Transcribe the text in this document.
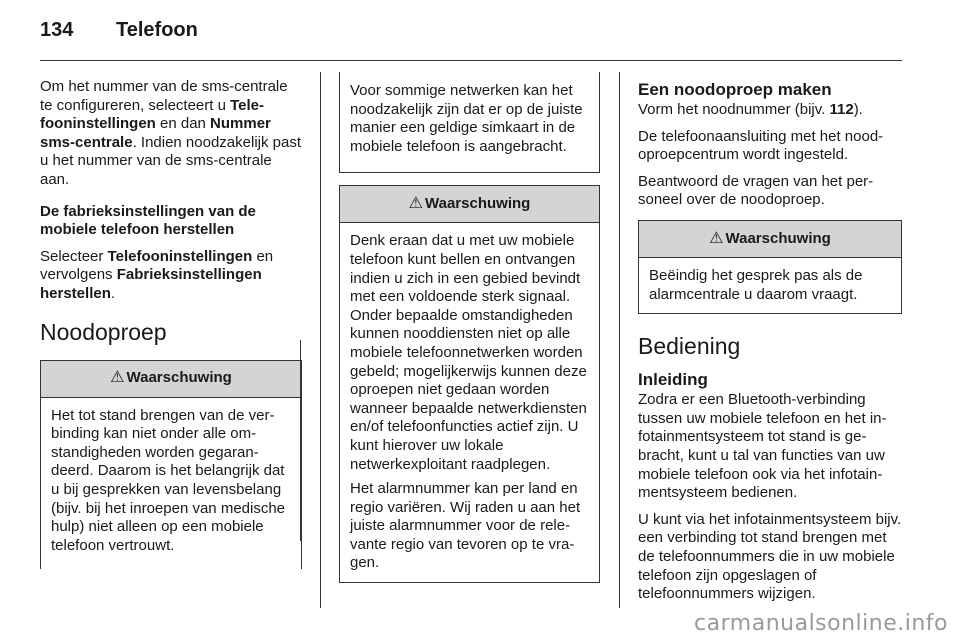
134 Telefoon

Om het nummer van de sms-centrale te configureren, selecteert u Telefooninstellingen en dan Nummer sms-centrale. Indien noodzakelijk past u het nummer van de sms-centrale aan.

De fabrieksinstellingen van de mobiele telefoon herstellen

Selecteer Telefooninstellingen en vervolgens Fabrieksinstellingen herstellen.

Noodoproep
⚠ Waarschuwing

Het tot stand brengen van de verbinding kan niet onder alle omstandigheden worden gegarandeerd. Daarom is het belangrijk dat u bij gesprekken van levensbelang (bijv. bij het inroepen van medische hulp) niet alleen op een mobiele telefoon vertrouwt.

Voor sommige netwerken kan het noodzakelijk zijn dat er op de juiste manier een geldige simkaart in de mobiele telefoon is aangebracht.

⚠ Waarschuwing

Denk eraan dat u met uw mobiele telefoon kunt bellen en ontvangen indien u zich in een gebied bevindt met een voldoende sterk signaal. Onder bepaalde omstandigheden kunnen nooddiensten niet op alle mobiele telefoonnetwerken worden gebeld; mogelijkerwijs kunnen deze oproepen niet gedaan worden wanneer bepaalde netwerkdiensten en/of telefoonfuncties actief zijn. U kunt hierover uw lokale netwerkexploitant raadplegen.

Het alarmnummer kan per land en regio variëren. Wij raden u aan het juiste alarmnummer voor de relevante regio van tevoren op te vragen.

Een noodoproep maken

Vorm het noodnummer (bijv. 112).

De telefoonaansluiting met het noodoproepcentrum wordt ingesteld.

Beantwoord de vragen van het personeel over de noodoproep.

⚠ Waarschuwing

Beëindig het gesprek pas als de alarmcentrale u daarom vraagt.

Bediening
Inleiding

Zodra er een Bluetooth-verbinding tussen uw mobiele telefoon en het infotainmentsysteem tot stand is gebracht, kunt u tal van functies van uw mobiele telefoon ook via het infotainmentsysteem bedienen.

U kunt via het infotainmentsysteem bijv. een verbinding tot stand brengen met de telefoonnummers die in uw mobiele telefoon zijn opgeslagen of telefoonnummers wijzigen.

carmanualsonline.info
